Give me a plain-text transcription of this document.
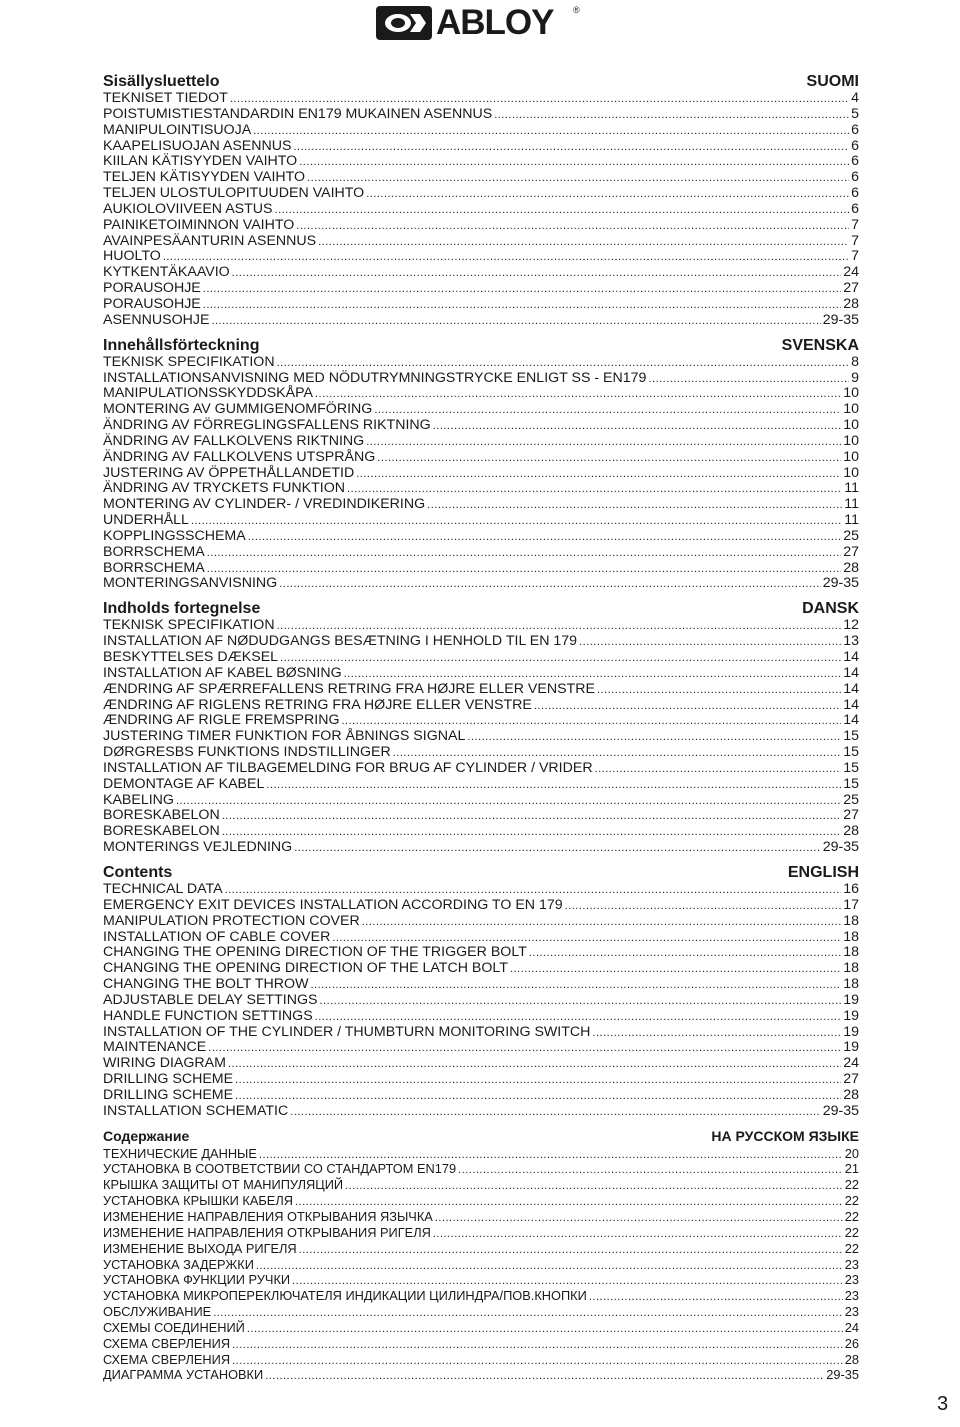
ABLOY ®
Sisällysluettelo	SUOMI
TEKNISET TIEDOT .....	4
POISTUMISTIESTANDARDIN EN179 MUKAINEN ASENNUS .....	5
MANIPULOINTISUOJA .....	6
KAAPELISUOJAN ASENNUS .....	6
KIILAN KÄTISYYDEN VAIHTO .....	6
TELJEN KÄTISYYDEN VAIHTO .....	6
TELJEN ULOSTULOPITUUDEN VAIHTO .....	6
AUKIOLOVIIVEEN ASTUS .....	6
PAINIKETOIMINNON VAIHTO .....	7
AVAINPESÄANTURIN ASENNUS .....	7
HUOLTO .....	7
KYTKENTÄKAAVIO .....	24
PORAUSOHJE .....	27
PORAUSOHJE .....	28
ASENNUSOHJE .....	29-35
Innehållsförteckning	SVENSKA
TEKNISK SPECIFIKATION .....	8
INSTALLATIONSANVISNING MED NÖDUTRYMNINGSTRYCKE ENLIGT SS - EN179 .....	9
MANIPULATIONSSKYDDSKÅPA .....	10
MONTERING AV GUMMIGENOMFÖRING .....	10
ÄNDRING AV FÖRREGLINGSFALLENS RIKTNING .....	10
ÄNDRING AV FALLKOLVENS RIKTNING .....	10
ÄNDRING AV FALLKOLVENS UTSPRÅNG .....	10
JUSTERING AV ÖPPETHÅLLANDETID .....	10
ÄNDRING AV TRYCKETS FUNKTION .....	11
MONTERING AV CYLINDER- / VREDINDIKERING .....	11
UNDERHÅLL .....	11
KOPPLINGSSCHEMA .....	25
BORRSCHEMA .....	27
BORRSCHEMA .....	28
MONTERINGSANVISNING .....	29-35
Indholds fortegnelse	DANSK
TEKNISK SPECIFIKATION .....	12
INSTALLATION AF NØDUDGANGS BESÆTNING I HENHOLD TIL EN 179 .....	13
BESKYTTELSES DÆKSEL .....	14
INSTALLATION AF KABEL BØSNING .....	14
ÆNDRING AF SPÆRREFALLENS RETRING FRA HØJRE ELLER VENSTRE .....	14
ÆNDRING AF RIGLENS RETRING FRA HØJRE ELLER VENSTRE .....	14
ÆNDRING AF RIGLE FREMSPRING .....	14
JUSTERING TIMER FUNKTION FOR ÅBNINGS SIGNAL .....	15
DØRGRESBS FUNKTIONS INDSTILLINGER .....	15
INSTALLATION AF TILBAGEMELDING FOR BRUG AF CYLINDER / VRIDER .....	15
DEMONTAGE AF KABEL .....	15
KABELING .....	25
BORESKABELON .....	27
BORESKABELON .....	28
MONTERINGS VEJLEDNING .....	29-35
Contents	ENGLISH
TECHNICAL DATA .....	16
EMERGENCY EXIT DEVICES INSTALLATION ACCORDING TO EN 179 .....	17
MANIPULATION PROTECTION COVER .....	18
INSTALLATION OF CABLE COVER .....	18
CHANGING THE OPENING DIRECTION OF THE TRIGGER BOLT .....	18
CHANGING THE OPENING DIRECTION OF THE LATCH BOLT .....	18
CHANGING THE BOLT THROW .....	18
ADJUSTABLE DELAY SETTINGS .....	19
HANDLE FUNCTION SETTINGS .....	19
INSTALLATION OF THE CYLINDER / THUMBTURN MONITORING SWITCH .....	19
MAINTENANCE .....	19
WIRING DIAGRAM .....	24
DRILLING SCHEME .....	27
DRILLING SCHEME .....	28
INSTALLATION SCHEMATIC .....	29-35
Содержание	НА РУССКОМ ЯЗЫКЕ
ТЕХНИЧЕСКИЕ ДАННЫЕ .....	20
УСТАНОВКА В СООТВЕТСТВИИ СО СТАНДАРТОМ EN179 .....	21
КРЫШКА ЗАЩИТЫ ОТ МАНИПУЛЯЦИЙ .....	22
УСТАНОВКА КРЫШКИ КАБЕЛЯ .....	22
ИЗМЕНЕНИЕ НАПРАВЛЕНИЯ ОТКРЫВАНИЯ ЯЗЫЧКА .....	22
ИЗМЕНЕНИЕ НАПРАВЛЕНИЯ ОТКРЫВАНИЯ РИГЕЛЯ .....	22
ИЗМЕНЕНИЕ ВЫХОДА РИГЕЛЯ .....	22
УСТАНОВКА ЗАДЕРЖКИ .....	23
УСТАНОВКА ФУНКЦИИ РУЧКИ .....	23
УСТАНОВКА МИКРОПЕРЕКЛЮЧАТЕЛЯ ИНДИКАЦИИ ЦИЛИНДРА/ПОВ.КНОПКИ .....	23
ОБСЛУЖИВАНИЕ .....	23
СХЕМЫ СОЕДИНЕНИЙ .....	24
СХЕМА СВЕРЛЕНИЯ .....	26
СХЕМА СВЕРЛЕНИЯ .....	28
ДИАГРАММА УСТАНОВКИ .....	29-35
3
